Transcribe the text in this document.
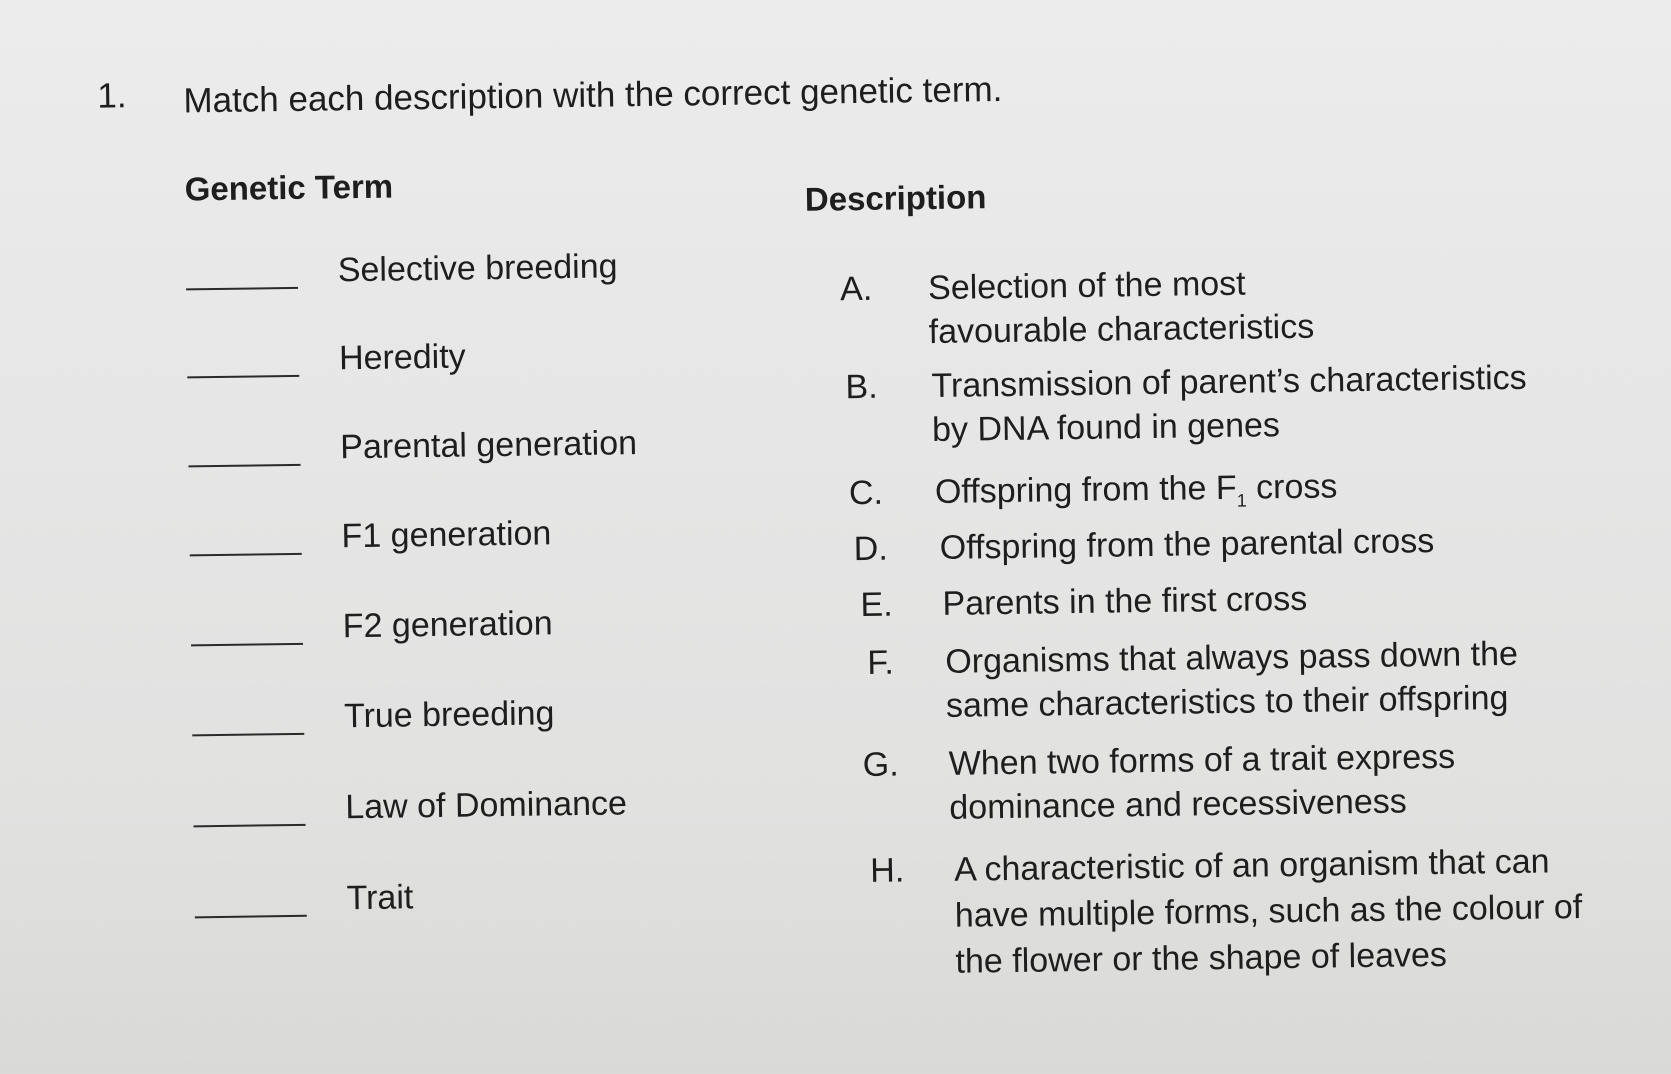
1. Match each description with the correct genetic term.
Genetic Term	Description
Selective breeding
Heredity
Parental generation
F1 generation
F2 generation
True breeding
Law of Dominance
Trait
A. Selection of the most
favourable characteristics
B. Transmission of parent’s characteristics
by DNA found in genes
C. Offspring from the $F_1$ cross
D. Offspring from the parental cross
E. Parents in the first cross
F. Organisms that always pass down the
same characteristics to their offspring
G. When two forms of a trait express
dominance and recessiveness
H. A characteristic of an organism that can
have multiple forms, such as the colour of
the flower or the shape of leaves
